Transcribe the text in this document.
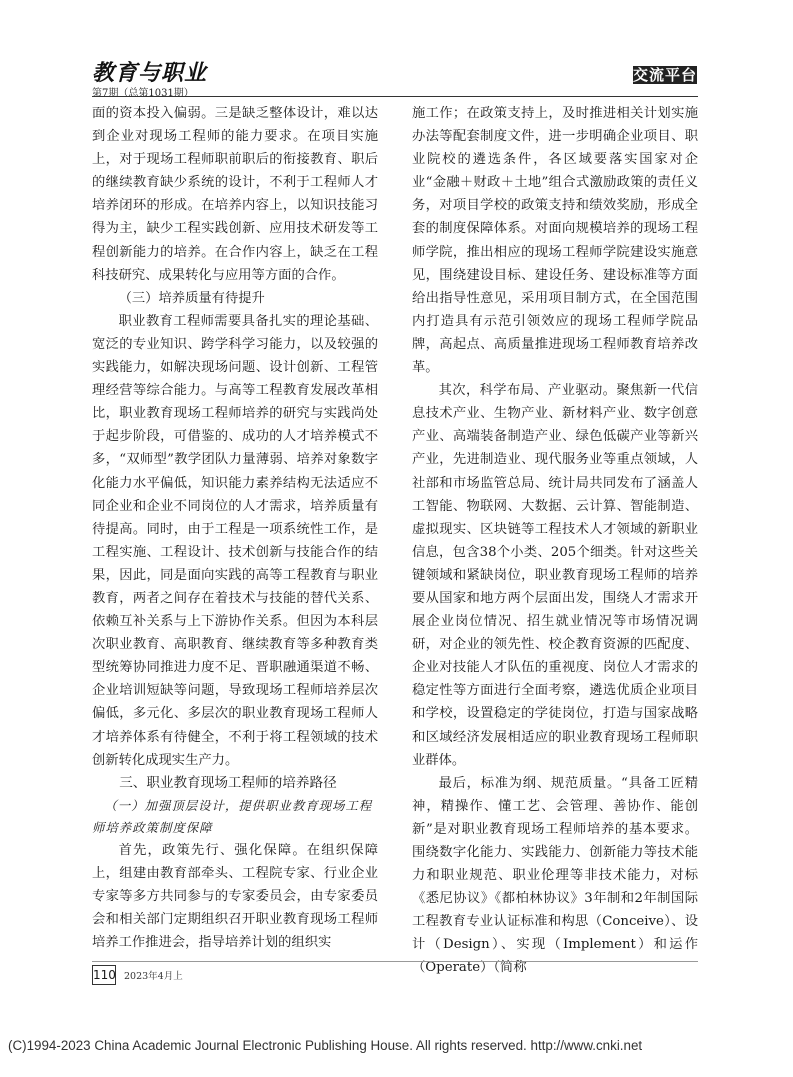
教育与职业
第7期（总第1031期）
交流平台

面的资本投入偏弱。三是缺乏整体设计，难以达到企业对现场工程师的能力要求。在项目实施上，对于现场工程师职前职后的衔接教育、职后的继续教育缺少系统的设计，不利于工程师人才培养闭环的形成。在培养内容上，以知识技能习得为主，缺少工程实践创新、应用技术研发等工程创新能力的培养。在合作内容上，缺乏在工程科技研究、成果转化与应用等方面的合作。

（三）培养质量有待提升

职业教育工程师需要具备扎实的理论基础、宽泛的专业知识、跨学科学习能力，以及较强的实践能力，如解决现场问题、设计创新、工程管理经营等综合能力。与高等工程教育发展改革相比，职业教育现场工程师培养的研究与实践尚处于起步阶段，可借鉴的、成功的人才培养模式不多，“双师型”教学团队力量薄弱、培养对象数字化能力水平偏低，知识能力素养结构无法适应不同企业和企业不同岗位的人才需求，培养质量有待提高。同时，由于工程是一项系统性工作，是工程实施、工程设计、技术创新与技能合作的结果，因此，同是面向实践的高等工程教育与职业教育，两者之间存在着技术与技能的替代关系、依赖互补关系与上下游协作关系。但因为本科层次职业教育、高职教育、继续教育等多种教育类型统筹协同推进力度不足、晋职融通渠道不畅、企业培训短缺等问题，导致现场工程师培养层次偏低，多元化、多层次的职业教育现场工程师人才培养体系有待健全，不利于将工程领域的技术创新转化成现实生产力。

三、职业教育现场工程师的培养路径
（一）加强顶层设计，提供职业教育现场工程师培养政策制度保障

首先，政策先行、强化保障。在组织保障上，组建由教育部牵头、工程院专家、行业企业专家等多方共同参与的专家委员会，由专家委员会和相关部门定期组织召开职业教育现场工程师培养工作推进会，指导培养计划的组织实

施工作；在政策支持上，及时推进相关计划实施办法等配套制度文件，进一步明确企业项目、职业院校的遴选条件，各区域要落实国家对企业“金融＋财政＋土地”组合式激励政策的责任义务，对项目学校的政策支持和绩效奖励，形成全套的制度保障体系。对面向规模培养的现场工程师学院，推出相应的现场工程师学院建设实施意见，围绕建设目标、建设任务、建设标准等方面给出指导性意见，采用项目制方式，在全国范围内打造具有示范引领效应的现场工程师学院品牌，高起点、高质量推进现场工程师教育培养改革。

其次，科学布局、产业驱动。聚焦新一代信息技术产业、生物产业、新材料产业、数字创意产业、高端装备制造产业、绿色低碳产业等新兴产业，先进制造业、现代服务业等重点领域，人社部和市场监管总局、统计局共同发布了涵盖人工智能、物联网、大数据、云计算、智能制造、虚拟现实、区块链等工程技术人才领域的新职业信息，包含38个小类、205个细类。针对这些关键领域和紧缺岗位，职业教育现场工程师的培养要从国家和地方两个层面出发，围绕人才需求开展企业岗位情况、招生就业情况等市场情况调研，对企业的领先性、校企教育资源的匹配度、企业对技能人才队伍的重视度、岗位人才需求的稳定性等方面进行全面考察，遴选优质企业项目和学校，设置稳定的学徒岗位，打造与国家战略和区域经济发展相适应的职业教育现场工程师职业群体。

最后，标准为纲、规范质量。“具备工匠精神，精操作、懂工艺、会管理、善协作、能创新”是对职业教育现场工程师培养的基本要求。围绕数字化能力、实践能力、创新能力等技术能力和职业规范、职业伦理等非技术能力，对标《悉尼协议》《都柏林协议》3年制和2年制国际工程教育专业认证标准和构思（Conceive）、设计（Design）、实现（Implement）和运作（Operate）（简称

110 2023年4月上
(C)1994-2023 China Academic Journal Electronic Publishing House. All rights reserved. http://www.cnki.net
